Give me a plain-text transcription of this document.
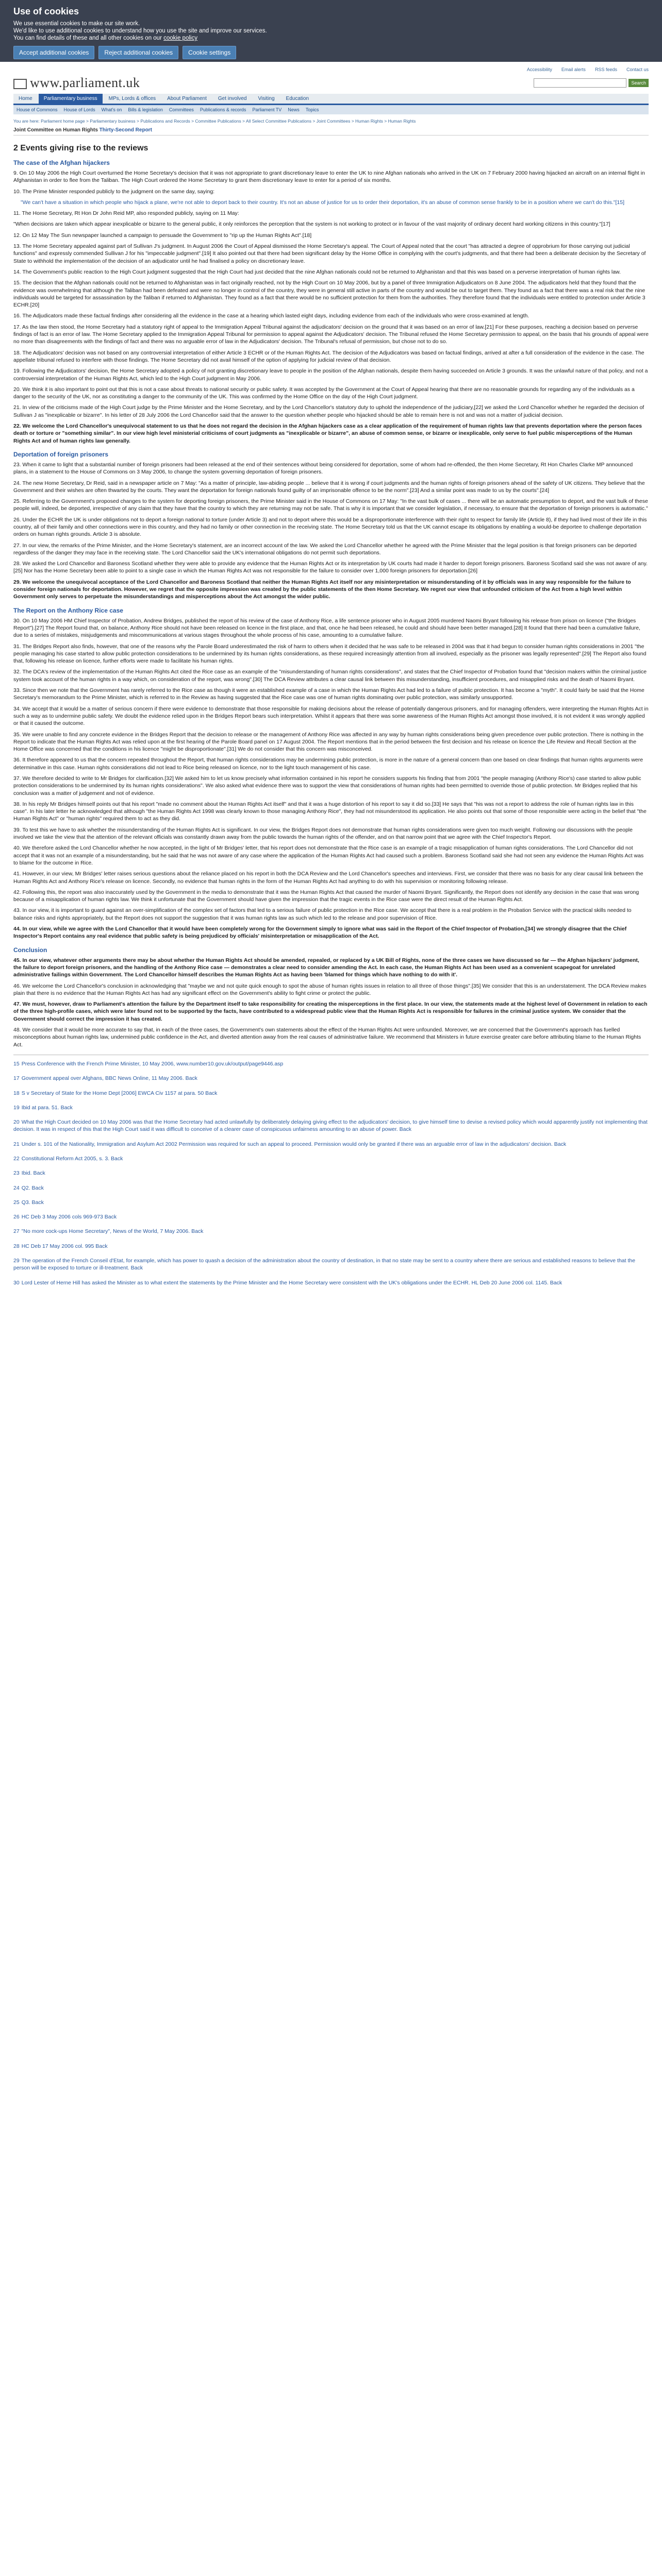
Use of cookies

We use essential cookies to make our site work.

We'd like to use additional cookies to understand how you use the site and improve our services.

You can find details of these and all other cookies on our cookie policy

Accept additional cookies	Reject additional cookies	Cookie settings
Accessibility Email alerts RSS feeds Contact us
www.parliament.uk	Search
Home	Parliamentary business	MPs, Lords & offices	About Parliament	Get involved	Visiting	Education
House of Commons House of Lords What's on Bills & legislation Committees Publications & records Parliament TV News Topics
You are here: Parliament home page > Parliamentary business > Publications and Records > Committee Publications > All Select Committee Publications > Joint Committees > Human Rights > Human Rights
Joint Committee on Human Rights Thirty-Second Report
2 Events giving rise to the reviews
The case of the Afghan hijackers

9. On 10 May 2006 the High Court overturned the Home Secretary's decision that it was not appropriate to grant discretionary leave to enter the UK to nine Afghan nationals who arrived in the UK on 7 February 2000 having hijacked an aircraft on an internal flight in Afghanistan in order to flee from the Taliban. The High Court ordered the Home Secretary to grant them discretionary leave to enter for a period of six months.

10. The Prime Minister responded publicly to the judgment on the same day, saying:

"We can't have a situation in which people who hijack a plane, we're not able to deport back to their country. It's not an abuse of justice for us to order their deportation, it's an abuse of common sense frankly to be in a position where we can't do this."[15]

11. The Home Secretary, Rt Hon Dr John Reid MP, also responded publicly, saying on 11 May:

"When decisions are taken which appear inexplicable or bizarre to the general public, it only reinforces the perception that the system is not working to protect or in favour of the vast majority of ordinary decent hard working citizens in this country."[17]

12. On 12 May The Sun newspaper launched a campaign to persuade the Government to "rip up the Human Rights Act".[18]

13. The Home Secretary appealed against part of Sullivan J's judgment. In August 2006 the Court of Appeal dismissed the Home Secretary's appeal. The Court of Appeal noted that the court "has attracted a degree of opprobrium for those carrying out judicial functions" and expressly commended Sullivan J for his "impeccable judgment".[19] It also pointed out that there had been significant delay by the Home Office in complying with the court's judgments, and that there had been a deliberate decision by the Secretary of State to withhold the implementation of the decision of an adjudicator until he had finalised a policy on discretionary leave.

14. The Government's public reaction to the High Court judgment suggested that the High Court had just decided that the nine Afghan nationals could not be returned to Afghanistan and that this was based on a perverse interpretation of human rights law.

15. The decision that the Afghan nationals could not be returned to Afghanistan was in fact originally reached, not by the High Court on 10 May 2006, but by a panel of three Immigration Adjudicators on 8 June 2004. The adjudicators held that they found that the evidence was overwhelming that although the Taliban had been defeated and were no longer in control of the country, they were in general still active in parts of the country and would be out to target them. They found as a fact that there was a real risk that the nine individuals would be targeted for assassination by the Taliban if returned to Afghanistan. They found as a fact that there would be no sufficient protection for them from the authorities. They therefore found that the individuals were entitled to protection under Article 3 ECHR.[20]

16. The Adjudicators made these factual findings after considering all the evidence in the case at a hearing which lasted eight days, including evidence from each of the individuals who were cross-examined at length.

17. As the law then stood, the Home Secretary had a statutory right of appeal to the Immigration Appeal Tribunal against the adjudicators' decision on the ground that it was based on an error of law.[21] For these purposes, reaching a decision based on perverse findings of fact is an error of law. The Home Secretary applied to the Immigration Appeal Tribunal for permission to appeal against the Adjudicators' decision. The Tribunal refused the Home Secretary permission to appeal, on the basis that his grounds of appeal were no more than disagreements with the findings of fact and there was no arguable error of law in the Adjudicators' decision. The Tribunal's refusal of permission, but chose not to do so.

18. The Adjudicators' decision was not based on any controversial interpretation of either Article 3 ECHR or of the Human Rights Act. The decision of the Adjudicators was based on factual findings, arrived at after a full consideration of the evidence in the case. The appellate tribunal refused to interfere with those findings. The Home Secretary did not avail himself of the option of applying for judicial review of that decision.

19. Following the Adjudicators' decision, the Home Secretary adopted a policy of not granting discretionary leave to people in the position of the Afghan nationals, despite them having succeeded on Article 3 grounds. It was the unlawful nature of that policy, and not a controversial interpretation of the Human Rights Act, which led to the High Court judgment in May 2006.

20. We think it is also important to point out that this is not a case about threats to national security or public safety. It was accepted by the Government at the Court of Appeal hearing that there are no reasonable grounds for regarding any of the individuals as a danger to the security of the UK, nor as constituting a danger to the community of the UK. This was confirmed by the Home Office on the day of the High Court judgment.

21. In view of the criticisms made of the High Court judge by the Prime Minister and the Home Secretary, and by the Lord Chancellor's statutory duty to uphold the independence of the judiciary,[22] we asked the Lord Chancellor whether he regarded the decision of Sullivan J as "inexplicable or bizarre". In his letter of 28 July 2006 the Lord Chancellor said that the answer to the question whether people who hijacked should be able to remain here is not and was not a matter of judicial decision.

22. We welcome the Lord Chancellor's unequivocal statement to us that he does not regard the decision in the Afghan hijackers case as a clear application of the requirement of human rights law that prevents deportation where the person faces death or torture or "something similar". In our view high level ministerial criticisms of court judgments as "inexplicable or bizarre", an abuse of common sense, or bizarre or inexplicable, only serve to fuel public misperceptions of the Human Rights Act and of human rights law generally.

Deportation of foreign prisoners

23. When it came to light that a substantial number of foreign prisoners had been released at the end of their sentences without being considered for deportation, some of whom had re-offended, the then Home Secretary, Rt Hon Charles Clarke MP announced plans, in a statement to the House of Commons on 3 May 2006, to change the system governing deportation of foreign prisoners.

24. The new Home Secretary, Dr Reid, said in a newspaper article on 7 May: "As a matter of principle, law-abiding people ... believe that it is wrong if court judgments and the human rights of foreign prisoners ahead of the safety of UK citizens. They believe that the Government and their wishes are often thwarted by the courts. They want the deportation for foreign nationals found guilty of an imprisonable offence to be the norm".[23] And a similar point was made to us by the courts".[24]

25. Referring to the Government's proposed changes to the system for deporting foreign prisoners, the Prime Minister said in the House of Commons on 17 May: "In the vast bulk of cases ... there will be an automatic presumption to deport, and the vast bulk of these people will, indeed, be deported, irrespective of any claim that they have that the country to which they are returning may not be safe. That is why it is important that we consider legislation, if necessary, to ensure that the deportation of foreign prisoners is automatic."

26. Under the ECHR the UK is under obligations not to deport a foreign national to torture (under Article 3) and not to deport where this would be a disproportionate interference with their right to respect for family life (Article 8), if they had lived most of their life in this country, all of their family and other connections were in this country, and they had no family or other connection in the receiving state. The Home Secretary told us that the UK cannot escape its obligations by enabling a would-be deportee to challenge deportation orders on human rights grounds. Article 3 is absolute.

27. In our view, the remarks of the Prime Minister, and the Home Secretary's statement, are an incorrect account of the law. We asked the Lord Chancellor whether he agreed with the Prime Minister that the legal position is that foreign prisoners can be deported regardless of the danger they may face in the receiving state. The Lord Chancellor said the UK's international obligations do not permit such deportations.

28. We asked the Lord Chancellor and Baroness Scotland whether they were able to provide any evidence that the Human Rights Act or its interpretation by UK courts had made it harder to deport foreign prisoners. Baroness Scotland said she was not aware of any.[25] Nor has the Home Secretary been able to point to a single case in which the Human Rights Act was not responsible for the failure to consider over 1,000 foreign prisoners for deportation.[26]

29. We welcome the unequivocal acceptance of the Lord Chancellor and Baroness Scotland that neither the Human Rights Act itself nor any misinterpretation or misunderstanding of it by officials was in any way responsible for the failure to consider foreign nationals for deportation. However, we regret that the opposite impression was created by the public statements of the then Home Secretary. We regret our view that unfounded criticism of the Act from a high level within Government only serves to perpetuate the misunderstandings and misperceptions about the Act amongst the wider public.

The Report on the Anthony Rice case

30. On 10 May 2006 HM Chief Inspector of Probation, Andrew Bridges, published the report of his review of the case of Anthony Rice, a life sentence prisoner who in August 2005 murdered Naomi Bryant following his release from prison on licence ("the Bridges Report").[27] The Report found that, on balance, Anthony Rice should not have been released on licence in the first place, and that, once he had been released, he could and should have been better managed.[28] It found that there had been a cumulative failure, due to a series of mistakes, misjudgements and miscommunications at various stages throughout the whole process of his case, amounting to a cumulative failure.

31. The Bridges Report also finds, however, that one of the reasons why the Parole Board underestimated the risk of harm to others when it decided that he was safe to be released in 2004 was that it had begun to consider human rights considerations in 2001 "the people managing his case started to allow public protection considerations to be undermined by its human rights considerations, as these required increasingly attention from all involved, especially as the prisoner was legally represented".[29] The Report also found that, following his release on licence, further efforts were made to facilitate his human rights.

32. The DCA's review of the implementation of the Human Rights Act cited the Rice case as an example of the "misunderstanding of human rights considerations", and states that the Chief Inspector of Probation found that "decision makers within the criminal justice system took account of the human rights in a way which, on consideration of the report, was wrong".[30] The DCA Review attributes a clear causal link between this misunderstanding, insufficient procedures, and misapplied risks and the death of Naomi Bryant.

33. Since then we note that the Government has rarely referred to the Rice case as though it were an established example of a case in which the Human Rights Act had led to a failure of public protection. It has become a "myth". It could fairly be said that the Home Secretary's memorandum to the Prime Minister, which is referred to in the Review as having suggested that the Rice case was one of human rights dominating over public protection, was similarly unsupported.

34. We accept that it would be a matter of serious concern if there were evidence to demonstrate that those responsible for making decisions about the release of potentially dangerous prisoners, and for managing offenders, were interpreting the Human Rights Act in such a way as to undermine public safety. We doubt the evidence relied upon in the Bridges Report bears such interpretation. Whilst it appears that there was some awareness of the Human Rights Act amongst those involved, it is not evident it was wrongly applied or that it caused the outcome.

35. We were unable to find any concrete evidence in the Bridges Report that the decision to release or the management of Anthony Rice was affected in any way by human rights considerations being given precedence over public protection. There is nothing in the Report to indicate that the Human Rights Act was relied upon at the first hearing of the Parole Board panel on 17 August 2004. The Report mentions that in the period between the first decision and his release on licence the Life Review and Recall Section at the Home Office was concerned that the conditions in his licence "might be disproportionate".[31] We do not consider that this concern was misconceived.

36. It therefore appeared to us that the concern repeated throughout the Report, that human rights considerations may be undermining public protection, is more in the nature of a general concern than one based on clear findings that human rights arguments were determinative in this case. Human rights considerations did not lead to Rice being released on licence, nor to the light touch management of his case.

37. We therefore decided to write to Mr Bridges for clarification.[32] We asked him to let us know precisely what information contained in his report he considers supports his finding that from 2001 "the people managing (Anthony Rice's) case started to allow public protection considerations to be undermined by its human rights considerations". We also asked what evidence there was to support the view that considerations of human rights had been permitted to override those of public protection. Mr Bridges replied that his conclusion was a matter of judgement and not of evidence.

38. In his reply Mr Bridges himself points out that his report "made no comment about the Human Rights Act itself" and that it was a huge distortion of his report to say it did so.[33] He says that "his was not a report to address the role of human rights law in this case". In his later letter he acknowledged that although "the Human Rights Act 1998 was clearly known to those managing Anthony Rice", they had not misunderstood its application. He also points out that some of those responsible were acting in the belief that "the Human Rights Act" or "human rights" required them to act as they did.

39. To test this we have to ask whether the misunderstanding of the Human Rights Act is significant. In our view, the Bridges Report does not demonstrate that human rights considerations were given too much weight. Following our discussions with the people involved we take the view that the attention of the relevant officials was constantly drawn away from the public towards the human rights of the offender, and on that narrow point that we agree with the Chief Inspector's Report.

40. We therefore asked the Lord Chancellor whether he now accepted, in the light of Mr Bridges' letter, that his report does not demonstrate that the Rice case is an example of a tragic misapplication of human rights considerations. The Lord Chancellor did not accept that it was not an example of a misunderstanding, but he said that he was not aware of any case where the application of the Human Rights Act had caused such a problem. Baroness Scotland said she had not seen any evidence the Human Rights Act was to blame for the outcome in Rice.

41. However, in our view, Mr Bridges' letter raises serious questions about the reliance placed on his report in both the DCA Review and the Lord Chancellor's speeches and interviews. First, we consider that there was no basis for any clear causal link between the Human Rights Act and Anthony Rice's release on licence. Secondly, no evidence that human rights in the form of the Human Rights Act had anything to do with his supervision or monitoring following release.

42. Following this, the report was also inaccurately used by the Government in the media to demonstrate that it was the Human Rights Act that caused the murder of Naomi Bryant. Significantly, the Report does not identify any decision in the case that was wrong because of a misapplication of human rights law. We think it unfortunate that the Government should have given the impression that the tragic events in the Rice case were the direct result of the Human Rights Act.

43. In our view, it is important to guard against an over-simplification of the complex set of factors that led to a serious failure of public protection in the Rice case. We accept that there is a real problem in the Probation Service with the practical skills needed to balance risks and rights appropriately, but the Report does not support the suggestion that it was human rights law as such which led to the release and poor supervision of Rice.

44. In our view, while we agree with the Lord Chancellor that it would have been completely wrong for the Government simply to ignore what was said in the Report of the Chief Inspector of Probation,[34] we strongly disagree that the Chief Inspector's Report contains any real evidence that public safety is being prejudiced by officials' misinterpretation or misapplication of the Act.

Conclusion

45. In our view, whatever other arguments there may be about whether the Human Rights Act should be amended, repealed, or replaced by a UK Bill of Rights, none of the three cases we have discussed so far — the Afghan hijackers' judgment, the failure to deport foreign prisoners, and the handling of the Anthony Rice case — demonstrates a clear need to consider amending the Act. In each case, the Human Rights Act has been used as a convenient scapegoat for unrelated administrative failings within Government. The Lord Chancellor himself describes the Human Rights Act as having been 'blamed for things which have nothing to do with it'.

46. We welcome the Lord Chancellor's conclusion in acknowledging that "maybe we and not quite quick enough to spot the abuse of human rights issues in relation to all three of those things".[35] We consider that this is an understatement. The DCA Review makes plain that there is no evidence that the Human Rights Act has had any significant effect on the Government's ability to fight crime or protect the public.

47. We must, however, draw to Parliament's attention the failure by the Department itself to take responsibility for creating the misperceptions in the first place. In our view, the statements made at the highest level of Government in relation to each of the three high-profile cases, which were later found not to be supported by the facts, have contributed to a widespread public view that the Human Rights Act is responsible for failures in the criminal justice system. We consider that the Government should correct the impression it has created.

48. We consider that it would be more accurate to say that, in each of the three cases, the Government's own statements about the effect of the Human Rights Act were unfounded. Moreover, we are concerned that the Government's approach has fuelled misconceptions about human rights law, undermined public confidence in the Act, and diverted attention away from the real causes of administrative failure. We recommend that Ministers in future exercise greater care before attributing blame to the Human Rights Act.

15 Press Conference with the French Prime Minister, 10 May 2006, www.number10.gov.uk/output/page9446.asp
17 Government appeal over Afghans, BBC News Online, 11 May 2006. Back
18 S v Secretary of State for the Home Dept [2006] EWCA Civ 1157 at para. 50 Back
19 Ibid at para. 51. Back
20 What the High Court decided on 10 May 2006 was that the Home Secretary had acted unlawfully by deliberately delaying giving effect to the adjudicators' decision, to give himself time to devise a revised policy which would apparently justify not implementing that decision. It was in respect of this that the High Court said it was difficult to conceive of a clearer case of conspicuous unfairness amounting to an abuse of power. Back
21 Under s. 101 of the Nationality, Immigration and Asylum Act 2002 Permission was required for such an appeal to proceed. Permission would only be granted if there was an arguable error of law in the adjudicators' decision. Back
22 Constitutional Reform Act 2005, s. 3. Back
23 Ibid. Back
24 Q2. Back
25 Q3. Back
26 HC Deb 3 May 2006 cols 969-973 Back
27 "No more cock-ups Home Secretary", News of the World, 7 May 2006. Back
28 HC Deb 17 May 2006 col. 995 Back
29 The operation of the French Conseil d'Etat, for example, which has power to quash a decision of the administration about the country of destination, in that no state may be sent to a country where there are serious and established reasons to believe that the person will be exposed to torture or ill-treatment. Back
30 Lord Lester of Herne Hill has asked the Minister as to what extent the statements by the Prime Minister and the Home Secretary were consistent with the UK's obligations under the ECHR. HL Deb 20 June 2006 col. 1145. Back
